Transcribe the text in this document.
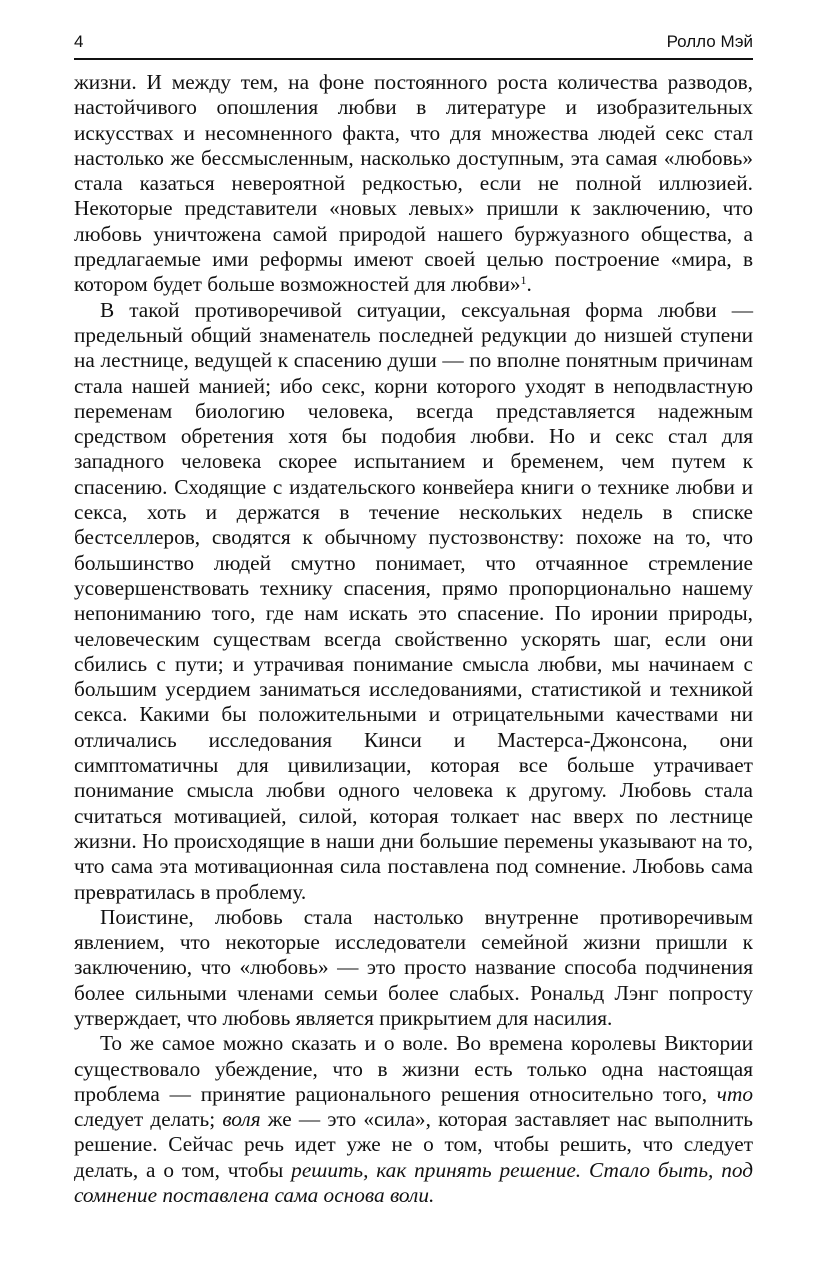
4	Ролло Мэй

жизни. И между тем, на фоне постоянного роста количества разводов, настойчивого опошления любви в литературе и изобразительных искусствах и несомненного факта, что для множества людей секс стал настолько же бессмысленным, насколько доступным, эта самая «любовь» стала казаться невероятной редкостью, если не полной иллюзией. Некоторые представители «новых левых» пришли к заключению, что любовь уничтожена самой природой нашего буржуазного общества, а предлагаемые ими реформы имеют своей целью построение «мира, в котором будет больше возможностей для любви»$^1$.

В такой противоречивой ситуации, сексуальная форма любви — предельный общий знаменатель последней редукции до низшей ступени на лестнице, ведущей к спасению души — по вполне понятным причинам стала нашей манией; ибо секс, корни которого уходят в неподвластную переменам биологию человека, всегда представляется надежным средством обретения хотя бы подобия любви. Но и секс стал для западного человека скорее испытанием и бременем, чем путем к спасению. Сходящие с издательского конвейера книги о технике любви и секса, хоть и держатся в течение нескольких недель в списке бестселлеров, сводятся к обычному пустозвонству: похоже на то, что большинство людей смутно понимает, что отчаянное стремление усовершенствовать технику спасения, прямо пропорционально нашему непониманию того, где нам искать это спасение. По иронии природы, человеческим существам всегда свойственно ускорять шаг, если они сбились с пути; и утрачивая понимание смысла любви, мы начинаем с большим усердием заниматься исследованиями, статистикой и техникой секса. Какими бы положительными и отрицательными качествами ни отличались исследования Кинси и Мастерса-Джонсона, они симптоматичны для цивилизации, которая все больше утрачивает понимание смысла любви одного человека к другому. Любовь стала считаться мотивацией, силой, которая толкает нас вверх по лестнице жизни. Но происходящие в наши дни большие перемены указывают на то, что сама эта мотивационная сила поставлена под сомнение. Любовь сама превратилась в проблему.

Поистине, любовь стала настолько внутренне противоречивым явлением, что некоторые исследователи семейной жизни пришли к заключению, что «любовь» — это просто название способа подчинения более сильными членами семьи более слабых. Рональд Лэнг попросту утверждает, что любовь является прикрытием для насилия.

То же самое можно сказать и о воле. Во времена королевы Виктории существовало убеждение, что в жизни есть только одна настоящая проблема — принятие рационального решения относительно того, что следует делать; воля же — это «сила», которая заставляет нас выполнить решение. Сейчас речь идет уже не о том, чтобы решить, что следует делать, а о том, чтобы решить, как принять решение. Стало быть, под сомнение поставлена сама основа воли.
